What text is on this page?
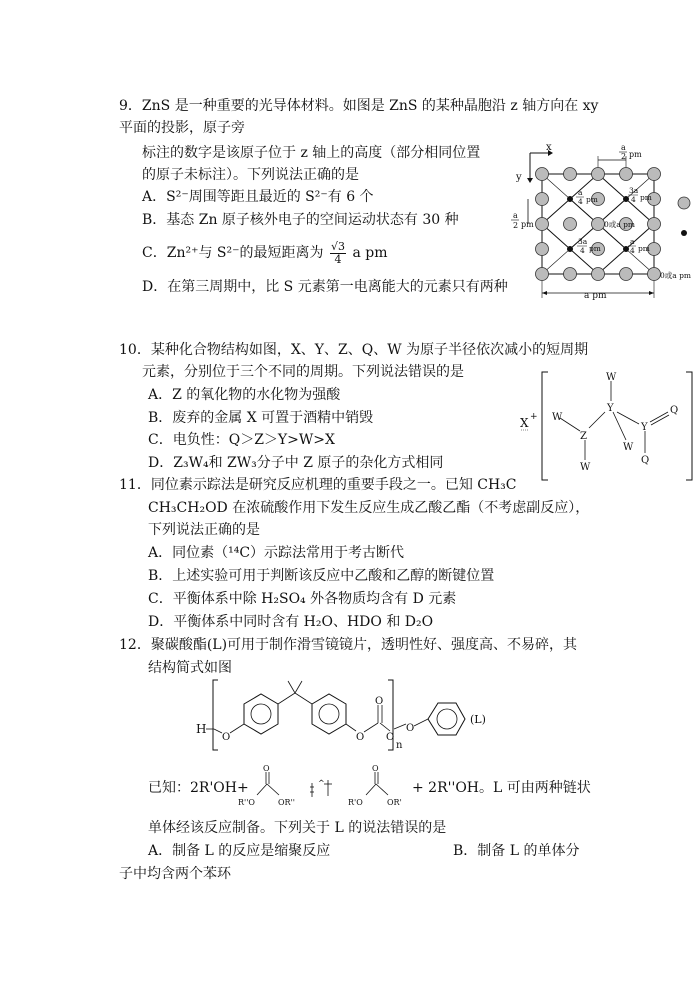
9．ZnS 是一种重要的光导体材料。如图是 ZnS 的某种晶胞沿 z 轴方向在 xy
平面的投影，原子旁
标注的数字是该原子位于 z 轴上的高度（部分相同位置
的原子未标注）。下列说法正确的是
A．S²⁻周围等距且最近的 S²⁻有 6 个
B．基态 Zn 原子核外电子的空间运动状态有 30 种
C．Zn²⁺与 S²⁻的最短距离为 $\frac{√3}{4}$ a pm
D．在第三周期中，比 S 元素第一电离能大的元素只有两种
x
y
a
2 pm
a
2 pm
a pm
a
4 pm
3a
4 pm
0或a pm
3a
4 pm
a
4 pm
0或a pm
10．某种化合物结构如图，X、Y、Z、Q、W 为原子半径依次减小的短周期
元素，分别位于三个不同的周期。下列说法错误的是
A．Z 的氧化物的水化物为强酸
B．废弃的金属 X 可置于酒精中销毁
C．电负性：Q＞Z＞Y>W>X
D．Z₃W₄和 ZW₃分子中 Z 原子的杂化方式相同
X +
W
Y
W
Z
W
W
Y
Q
Q
11．同位素示踪法是研究反应机理的重要手段之一。已知 CH₃C
CH₃CH₂OD 在浓硫酸作用下发生反应生成乙酸乙酯（不考虑副反应），
下列说法正确的是
A．同位素（¹⁴C）示踪法常用于考古断代
B．上述实验可用于判断该反应中乙酸和乙醇的断键位置
C．平衡体系中除 H₂SO₄ 外各物质均含有 D 元素
D．平衡体系中同时含有 H₂O、HDO 和 D₂O
12．聚碳酸酯(L)可用于制作滑雪镜镜片，透明性好、强度高、不易碎，其
结构简式如图
H
O	O
O
O
n
O
(L)
已知：2R'OH+
O
R''O	OR''
^
O
R'O	OR'
+ 2R''OH。L 可由两种链状
单体经该反应制备。下列关于 L 的说法错误的是
A．制备 L 的反应是缩聚反应	B．制备 L 的单体分
子中均含两个苯环
